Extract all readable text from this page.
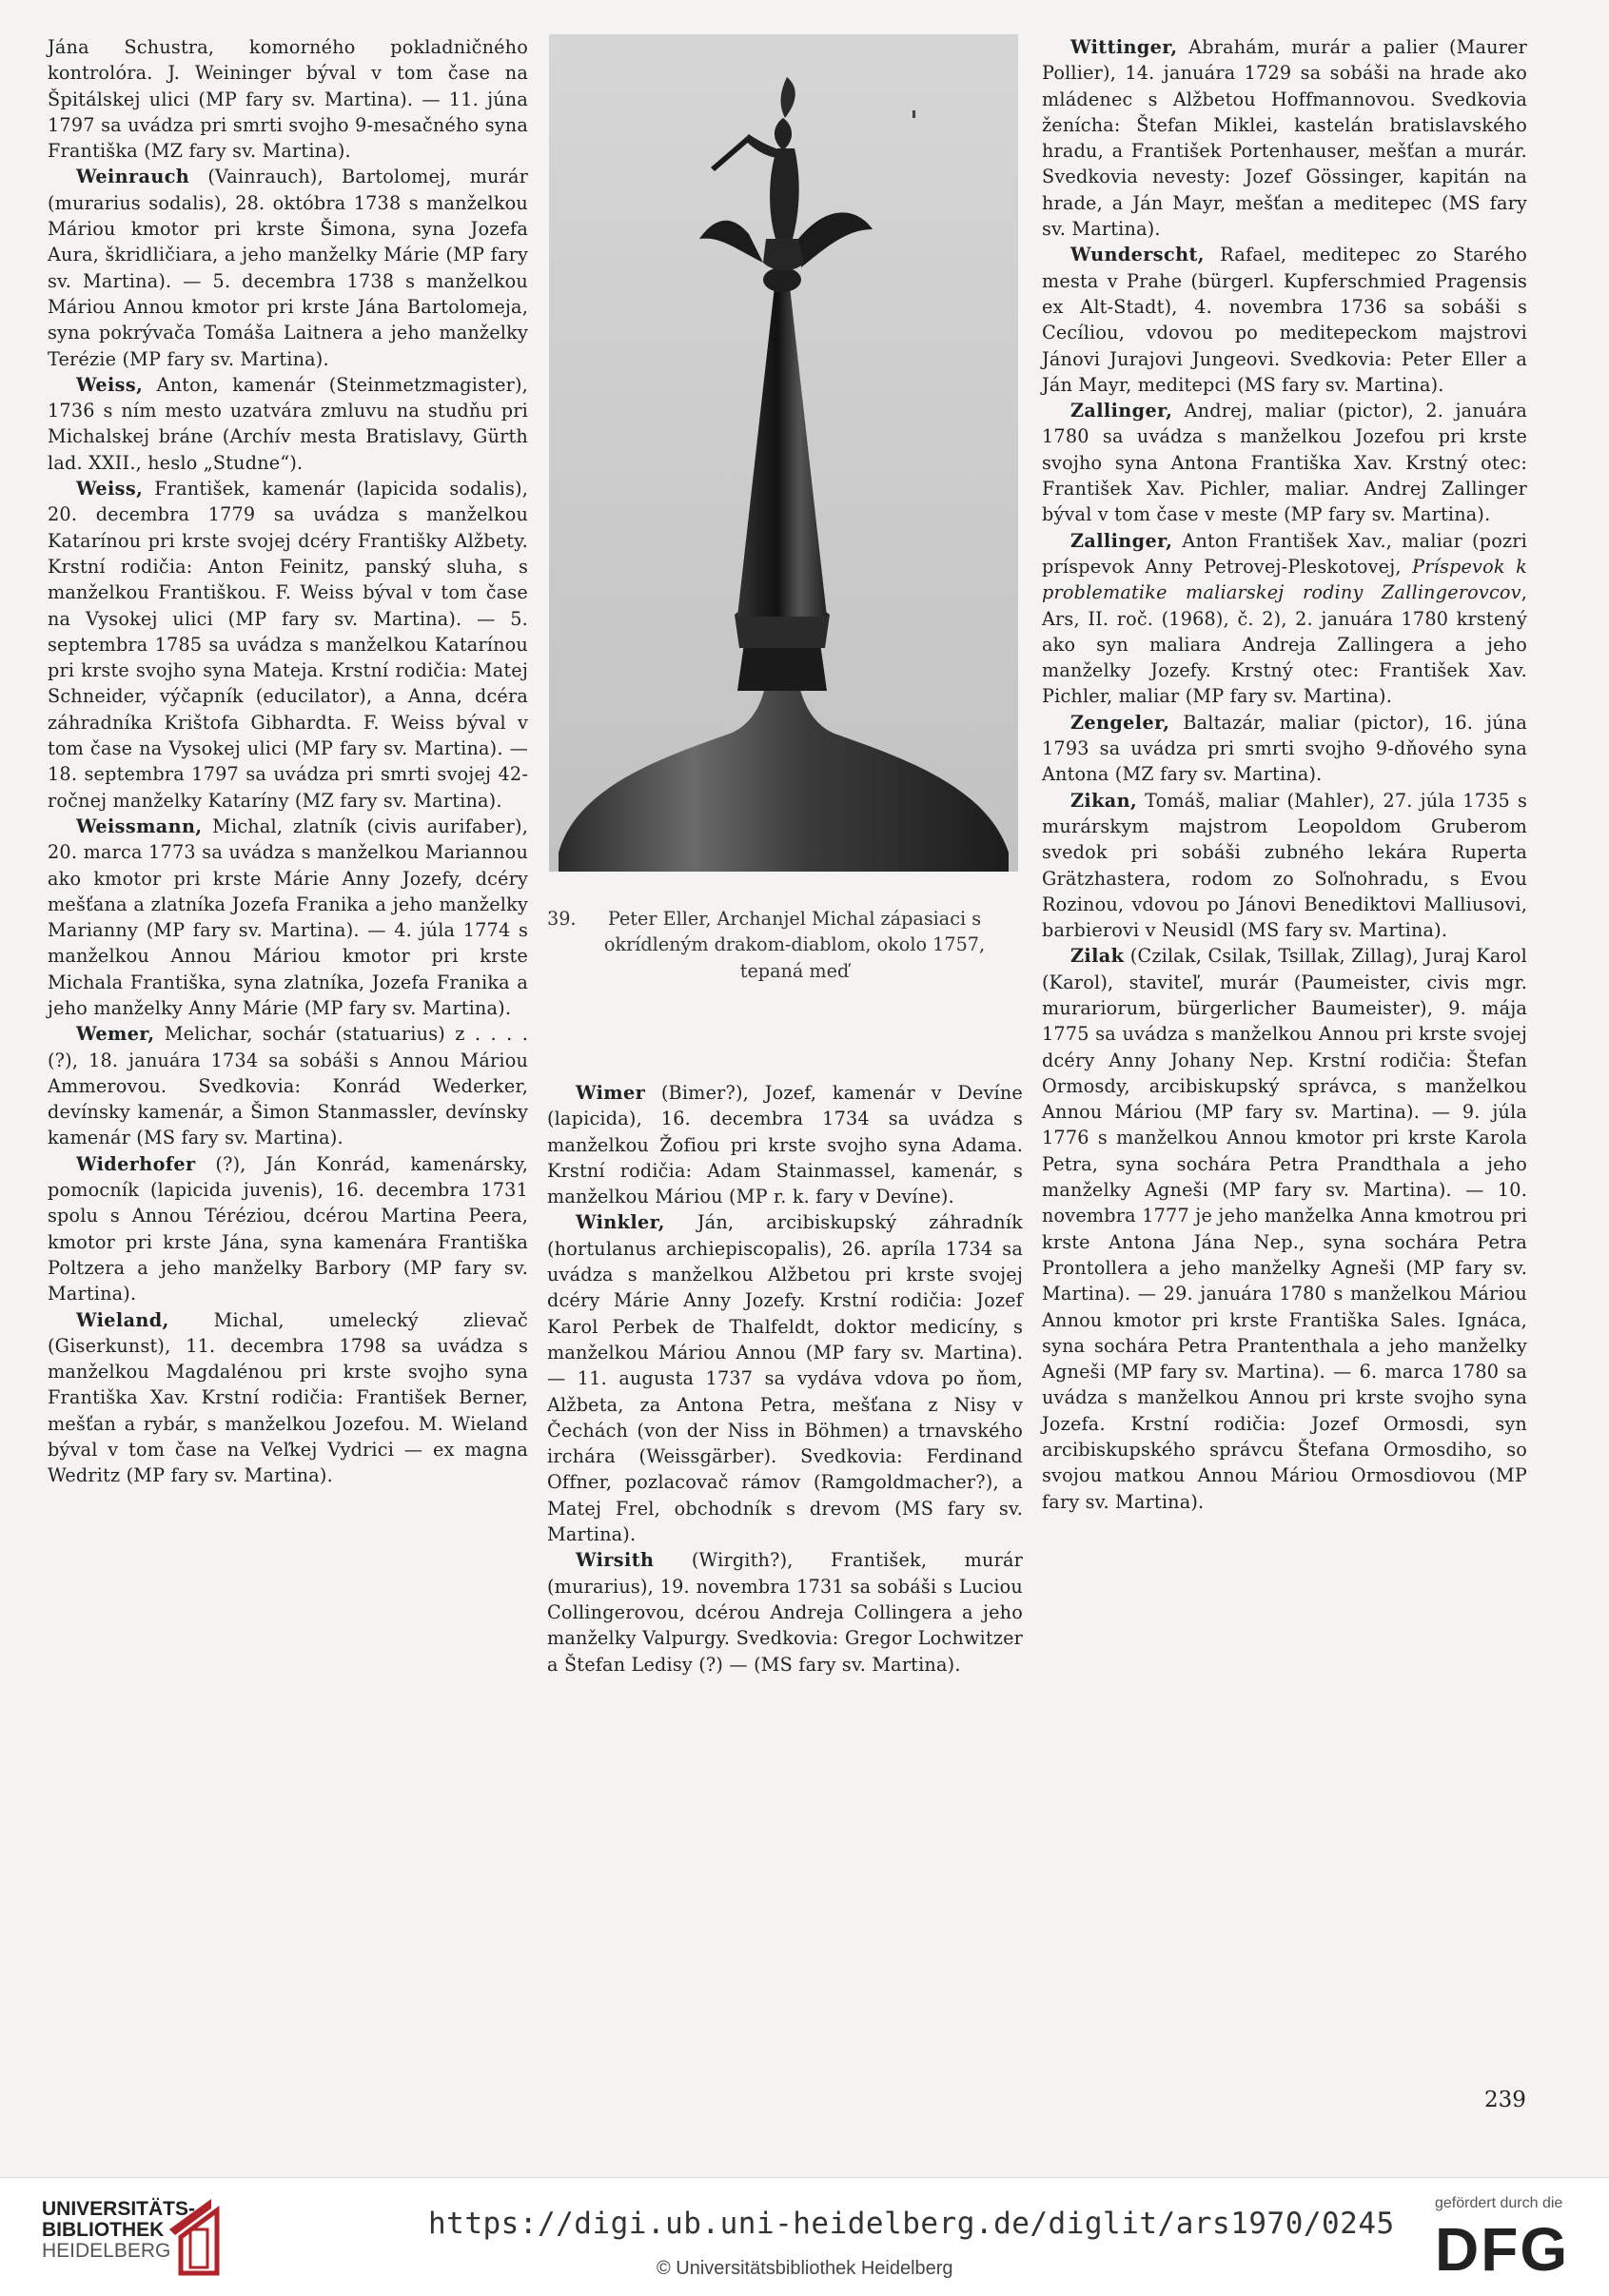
Jána Schustra, komorného pokladničného kontrolóra. J. Weininger býval v tom čase na Špitálskej ulici (MP fary sv. Martina). — 11. júna 1797 sa uvádza pri smrti svojho 9-mesačného syna Františka (MZ fary sv. Martina).

Weinrauch (Vainrauch), Bartolomej, murár (murarius sodalis), 28. októbra 1738 s manželkou Máriou kmotor pri krste Šimona, syna Jozefa Aura, škridličiara, a jeho manželky Márie (MP fary sv. Martina). — 5. decembra 1738 s manželkou Máriou Annou kmotor pri krste Jána Bartolomeja, syna pokrývača Tomáša Laitnera a jeho manželky Terézie (MP fary sv. Martina).

Weiss, Anton, kamenár (Steinmetzmagister), 1736 s ním mesto uzatvára zmluvu na studňu pri Michalskej bráne (Archív mesta Bratislavy, Gürth lad. XXII., heslo „Studne“).

Weiss, František, kamenár (lapicida sodalis), 20. decembra 1779 sa uvádza s manželkou Katarínou pri krste svojej dcéry Františky Alžbety. Krstní rodičia: Anton Feinitz, panský sluha, s manželkou Františkou. F. Weiss býval v tom čase na Vysokej ulici (MP fary sv. Martina). — 5. septembra 1785 sa uvádza s manželkou Katarínou pri krste svojho syna Mateja. Krstní rodičia: Matej Schneider, výčapník (educilator), a Anna, dcéra záhradníka Krištofa Gibhardta. F. Weiss býval v tom čase na Vysokej ulici (MP fary sv. Martina). — 18. septembra 1797 sa uvádza pri smrti svojej 42-ročnej manželky Kataríny (MZ fary sv. Martina).

Weissmann, Michal, zlatník (civis aurifaber), 20. marca 1773 sa uvádza s manželkou Mariannou ako kmotor pri krste Márie Anny Jozefy, dcéry mešťana a zlatníka Jozefa Franika a jeho manželky Marianny (MP fary sv. Martina). — 4. júla 1774 s manželkou Annou Máriou kmotor pri krste Michala Františka, syna zlatníka, Jozefa Franika a jeho manželky Anny Márie (MP fary sv. Martina).

Wemer, Melichar, sochár (statuarius) z . . . . (?), 18. januára 1734 sa sobáši s Annou Máriou Ammerovou. Svedkovia: Konrád Wederker, devínsky kamenár, a Šimon Stanmassler, devínsky kamenár (MS fary sv. Martina).

Widerhofer (?), Ján Konrád, kamenársky, pomocník (lapicida juvenis), 16. decembra 1731 spolu s Annou Téréziou, dcérou Martina Peera, kmotor pri krste Jána, syna kamenára Františka Poltzera a jeho manželky Barbory (MP fary sv. Martina).

Wieland, Michal, umelecký zlievač (Giserkunst), 11. decembra 1798 sa uvádza s manželkou Magdalénou pri krste svojho syna Františka Xav. Krstní rodičia: František Berner, mešťan a rybár, s manželkou Jozefou. M. Wieland býval v tom čase na Veľkej Vydrici — ex magna Wedritz (MP fary sv. Martina).

39. Peter Eller, Archanjel Michal zápasiaci s okrídleným drakom-diablom, okolo 1757, tepaná meď

Wimer (Bimer?), Jozef, kamenár v Devíne (lapicida), 16. decembra 1734 sa uvádza s manželkou Žofiou pri krste svojho syna Adama. Krstní rodičia: Adam Stainmassel, kamenár, s manželkou Máriou (MP r. k. fary v Devíne).

Winkler, Ján, arcibiskupský záhradník (hortulanus archiepiscopalis), 26. apríla 1734 sa uvádza s manželkou Alžbetou pri krste svojej dcéry Márie Anny Jozefy. Krstní rodičia: Jozef Karol Perbek de Thalfeldt, doktor medicíny, s manželkou Máriou Annou (MP fary sv. Martina). — 11. augusta 1737 sa vydáva vdova po ňom, Alžbeta, za Antona Petra, mešťana z Nisy v Čechách (von der Niss in Böhmen) a trnavského irchára (Weissgärber). Svedkovia: Ferdinand Offner, pozlacovač rámov (Ramgoldmacher?), a Matej Frel, obchodník s drevom (MS fary sv. Martina).

Wirsith (Wirgith?), František, murár (murarius), 19. novembra 1731 sa sobáši s Luciou Collingerovou, dcérou Andreja Collingera a jeho manželky Valpurgy. Svedkovia: Gregor Lochwitzer a Štefan Ledisy (?) — (MS fary sv. Martina).

Wittinger, Abrahám, murár a palier (Maurer Pollier), 14. januára 1729 sa sobáši na hrade ako mládenec s Alžbetou Hoffmannovou. Svedkovia ženícha: Štefan Miklei, kastelán bratislavského hradu, a František Portenhauser, mešťan a murár. Svedkovia nevesty: Jozef Gössinger, kapitán na hrade, a Ján Mayr, mešťan a meditepec (MS fary sv. Martina).

Wunderscht, Rafael, meditepec zo Starého mesta v Prahe (bürgerl. Kupferschmied Pragensis ex Alt-Stadt), 4. novembra 1736 sa sobáši s Cecíliou, vdovou po meditepeckom majstrovi Jánovi Jurajovi Jungeovi. Svedkovia: Peter Eller a Ján Mayr, meditepci (MS fary sv. Martina).

Zallinger, Andrej, maliar (pictor), 2. januára 1780 sa uvádza s manželkou Jozefou pri krste svojho syna Antona Františka Xav. Krstný otec: František Xav. Pichler, maliar. Andrej Zallinger býval v tom čase v meste (MP fary sv. Martina).

Zallinger, Anton František Xav., maliar (pozri príspevok Anny Petrovej-Pleskotovej, Príspevok k problematike maliarskej rodiny Zallingerovcov, Ars, II. roč. (1968), č. 2), 2. januára 1780 krstený ako syn maliara Andreja Zallingera a jeho manželky Jozefy. Krstný otec: František Xav. Pichler, maliar (MP fary sv. Martina).

Zengeler, Baltazár, maliar (pictor), 16. júna 1793 sa uvádza pri smrti svojho 9-dňového syna Antona (MZ fary sv. Martina).

Zikan, Tomáš, maliar (Mahler), 27. júla 1735 s murárskym majstrom Leopoldom Gruberom svedok pri sobáši zubného lekára Ruperta Grätzhastera, rodom zo Soľnohradu, s Evou Rozinou, vdovou po Jánovi Benediktovi Malliusovi, barbierovi v Neusidl (MS fary sv. Martina).

Zilak (Czilak, Csilak, Tsillak, Zillag), Juraj Karol (Karol), staviteľ, murár (Paumeister, civis mgr. murariorum, bürgerlicher Baumeister), 9. mája 1775 sa uvádza s manželkou Annou pri krste svojej dcéry Anny Johany Nep. Krstní rodičia: Štefan Ormosdy, arcibiskupský správca, s manželkou Annou Máriou (MP fary sv. Martina). — 9. júla 1776 s manželkou Annou kmotor pri krste Karola Petra, syna sochára Petra Prandthala a jeho manželky Agneši (MP fary sv. Martina). — 10. novembra 1777 je jeho manželka Anna kmotrou pri krste Antona Jána Nep., syna sochára Petra Prontollera a jeho manželky Agneši (MP fary sv. Martina). — 29. januára 1780 s manželkou Máriou Annou kmotor pri krste Františka Sales. Ignáca, syna sochára Petra Prantenthala a jeho manželky Agneši (MP fary sv. Martina). — 6. marca 1780 sa uvádza s manželkou Annou pri krste svojho syna Jozefa. Krstní rodičia: Jozef Ormosdi, syn arcibiskupského správcu Štefana Ormosdiho, so svojou matkou Annou Máriou Ormosdiovou (MP fary sv. Martina).

239
UNIVERSITÄTS-
BIBLIOTHEK
HEIDELBERG
https://digi.ub.uni-heidelberg.de/diglit/ars1970/0245
© Universitätsbibliothek Heidelberg
gefördert durch die
DFG
